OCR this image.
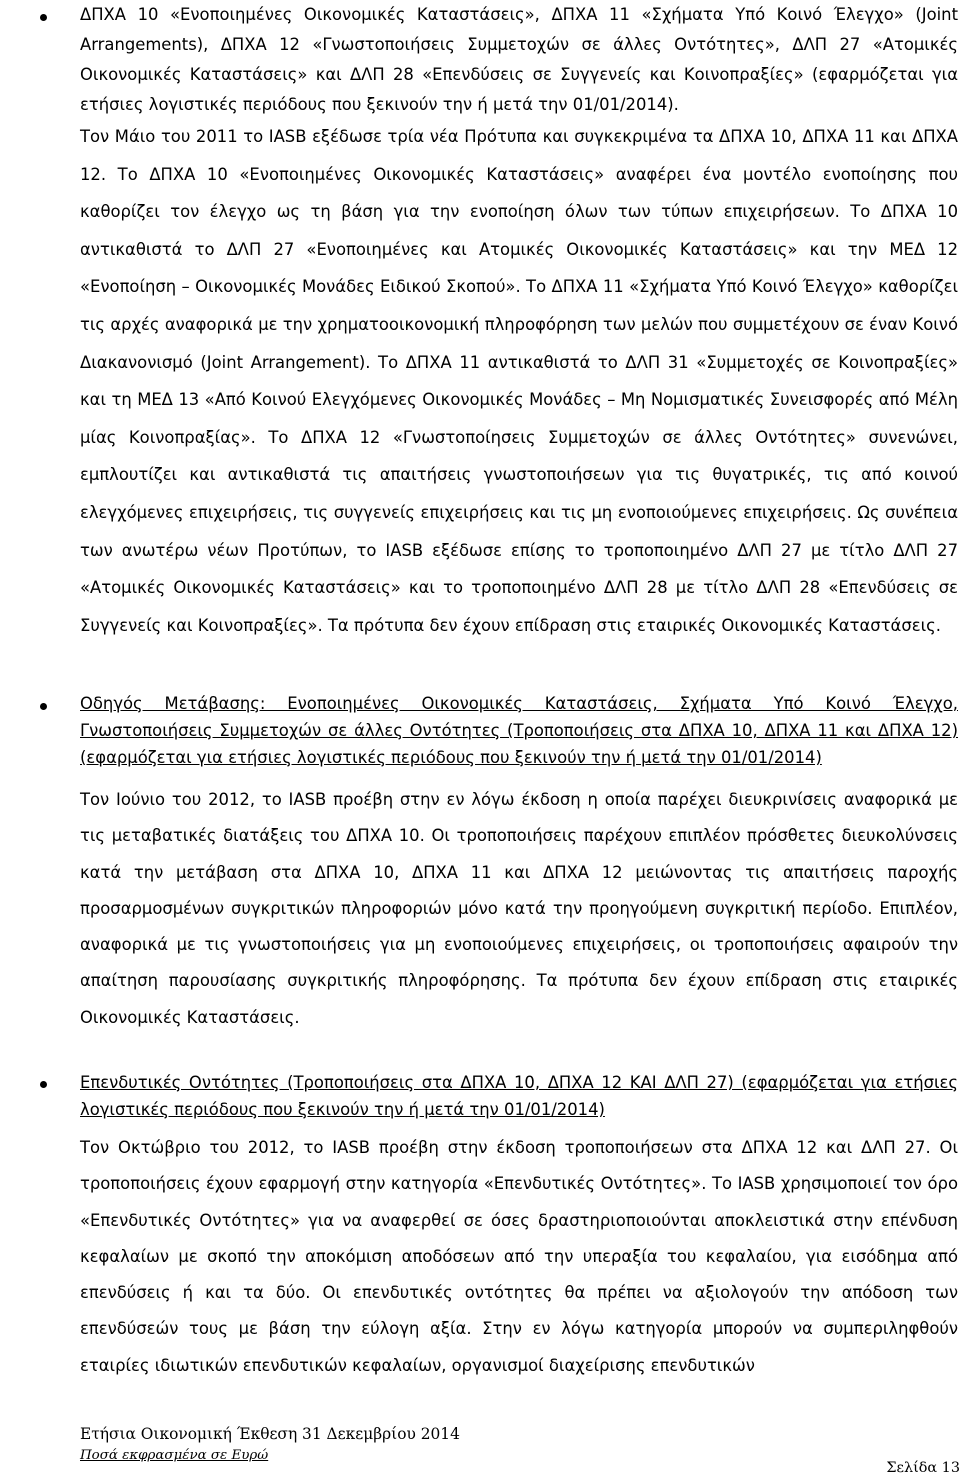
ΔΠΧΑ 10 «Ενοποιημένες Οικονομικές Καταστάσεις», ΔΠΧΑ 11 «Σχήματα Υπό Κοινό Έλεγχο» (Joint Arrangements), ΔΠΧΑ 12 «Γνωστοποιήσεις Συμμετοχών σε άλλες Οντότητες», ΔΛΠ 27 «Ατομικές Οικονομικές Καταστάσεις» και ΔΛΠ 28 «Επενδύσεις σε Συγγενείς και Κοινοπραξίες» (εφαρμόζεται για ετήσιες λογιστικές περιόδους που ξεκινούν την ή μετά την 01/01/2014).

Τον Μάιο του 2011 το IASB εξέδωσε τρία νέα Πρότυπα και συγκεκριμένα τα ΔΠΧΑ 10, ΔΠΧΑ 11 και ΔΠΧΑ 12. Το ΔΠΧΑ 10 «Ενοποιημένες Οικονομικές Καταστάσεις» αναφέρει ένα μοντέλο ενοποίησης που καθορίζει τον έλεγχο ως τη βάση για την ενοποίηση όλων των τύπων επιχειρήσεων. Το ΔΠΧΑ 10 αντικαθιστά το ΔΛΠ 27 «Ενοποιημένες και Ατομικές Οικονομικές Καταστάσεις» και την ΜΕΔ 12 «Ενοποίηση – Οικονομικές Μονάδες Ειδικού Σκοπού». Το ΔΠΧΑ 11 «Σχήματα Υπό Κοινό Έλεγχο» καθορίζει τις αρχές αναφορικά με την χρηματοοικονομική πληροφόρηση των μελών που συμμετέχουν σε έναν Κοινό Διακανονισμό (Joint Arrangement). Το ΔΠΧΑ 11 αντικαθιστά το ΔΛΠ 31 «Συμμετοχές σε Κοινοπραξίες» και τη ΜΕΔ 13 «Από Κοινού Ελεγχόμενες Οικονομικές Μονάδες – Μη Νομισματικές Συνεισφορές από Μέλη μίας Κοινοπραξίας». Το ΔΠΧΑ 12 «Γνωστοποίησεις Συμμετοχών σε άλλες Οντότητες» συνενώνει, εμπλουτίζει και αντικαθιστά τις απαιτήσεις γνωστοποιήσεων για τις θυγατρικές, τις από κοινού ελεγχόμενες επιχειρήσεις, τις συγγενείς επιχειρήσεις και τις μη ενοποιούμενες επιχειρήσεις. Ως συνέπεια των ανωτέρω νέων Προτύπων, το IASB εξέδωσε επίσης το τροποποιημένο ΔΛΠ 27 με τίτλο ΔΛΠ 27 «Ατομικές Οικονομικές Καταστάσεις» και το τροποποιημένο ΔΛΠ 28 με τίτλο ΔΛΠ 28 «Επενδύσεις σε Συγγενείς και Κοινοπραξίες». Τα πρότυπα δεν έχουν επίδραση στις εταιρικές Οικονομικές Καταστάσεις.

Οδηγός Μετάβασης: Ενοποιημένες Οικονομικές Καταστάσεις, Σχήματα Υπό Κοινό Έλεγχο, Γνωστοποιήσεις Συμμετοχών σε άλλες Οντότητες (Τροποποιήσεις στα ΔΠΧΑ 10, ΔΠΧΑ 11 και ΔΠΧΑ 12) (εφαρμόζεται για ετήσιες λογιστικές περιόδους που ξεκινούν την ή μετά την 01/01/2014)

Τον Ιούνιο του 2012, το IASB προέβη στην εν λόγω έκδοση η οποία παρέχει διευκρινίσεις αναφορικά με τις μεταβατικές διατάξεις του ΔΠΧΑ 10. Οι τροποποιήσεις παρέχουν επιπλέον πρόσθετες διευκολύνσεις κατά την μετάβαση στα ΔΠΧΑ 10, ΔΠΧΑ 11 και ΔΠΧΑ 12 μειώνοντας τις απαιτήσεις παροχής προσαρμοσμένων συγκριτικών πληροφοριών μόνο κατά την προηγούμενη συγκριτική περίοδο. Επιπλέον, αναφορικά με τις γνωστοποιήσεις για μη ενοποιούμενες επιχειρήσεις, οι τροποποιήσεις αφαιρούν την απαίτηση παρουσίασης συγκριτικής πληροφόρησης. Τα πρότυπα δεν έχουν επίδραση στις εταιρικές Οικονομικές Καταστάσεις.

Επενδυτικές Οντότητες (Τροποποιήσεις στα ΔΠΧΑ 10, ΔΠΧΑ 12 ΚΑΙ ΔΛΠ 27) (εφαρμόζεται για ετήσιες λογιστικές περιόδους που ξεκινούν την ή μετά την 01/01/2014)

Τον Οκτώβριο του 2012, το IASB προέβη στην έκδοση τροποποιήσεων στα ΔΠΧΑ 12 και ΔΛΠ 27. Οι τροποποιήσεις έχουν εφαρμογή στην κατηγορία «Επενδυτικές Οντότητες». Το IASB χρησιμοποιεί τον όρο «Επενδυτικές Οντότητες» για να αναφερθεί σε όσες δραστηριοποιούνται αποκλειστικά στην επένδυση κεφαλαίων με σκοπό την αποκόμιση αποδόσεων από την υπεραξία του κεφαλαίου, για εισόδημα από επενδύσεις ή και τα δύο. Οι επενδυτικές οντότητες θα πρέπει να αξιολογούν την απόδοση των επενδύσεών τους με βάση την εύλογη αξία. Στην εν λόγω κατηγορία μπορούν να συμπεριληφθούν εταιρίες ιδιωτικών επενδυτικών κεφαλαίων, οργανισμοί διαχείρισης επενδυτικών

Ετήσια Οικονομική Έκθεση 31 Δεκεμβρίου 2014
Ποσά εκφρασμένα σε Ευρώ
Σελίδα 13
